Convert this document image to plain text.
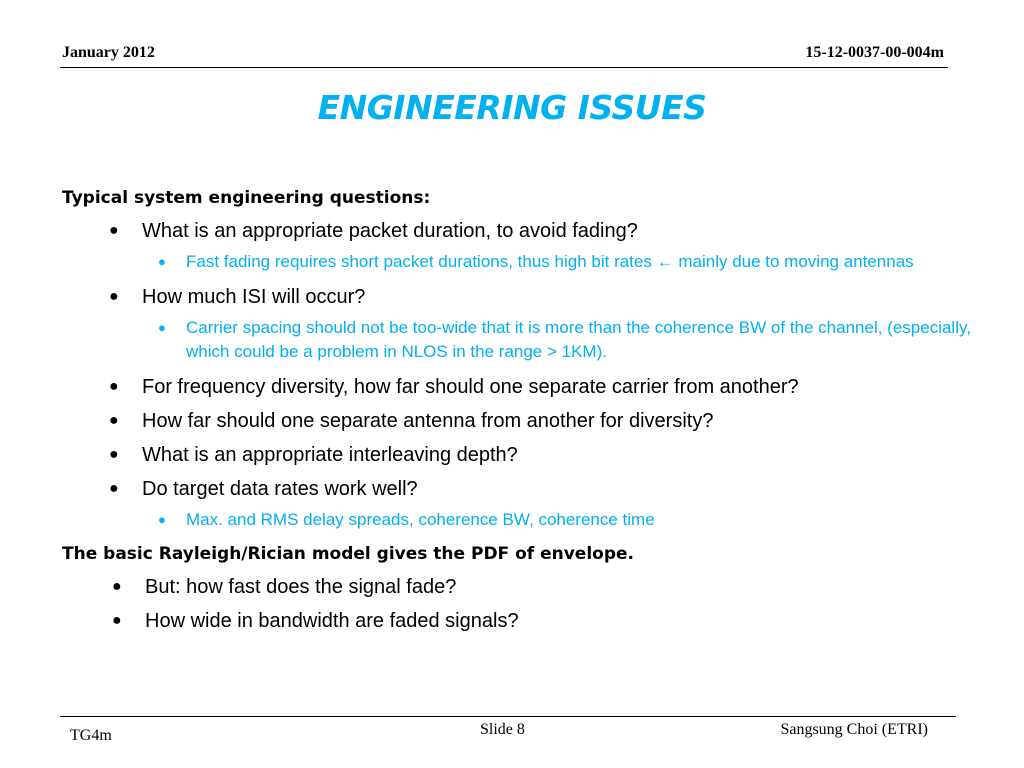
January 2012	15-12-0037-00-004m
ENGINEERING ISSUES
Typical system engineering questions:
● What is an appropriate packet duration, to avoid fading?
● Fast fading requires short packet durations, thus high bit rates ← mainly due to moving antennas
● How much ISI will occur?
● Carrier spacing should not be too-wide that it is more than the coherence BW of the channel, (especially, which could be a problem in NLOS in the range > 1KM).
● For frequency diversity, how far should one separate carrier from another?
● How far should one separate antenna from another for diversity?
● What is an appropriate interleaving depth?
● Do target data rates work well?
● Max. and RMS delay spreads, coherence BW, coherence time
The basic Rayleigh/Rician model gives the PDF of envelope.
● But: how fast does the signal fade?
● How wide in bandwidth are faded signals?
TG4m	Slide 8	Sangsung Choi (ETRI)
